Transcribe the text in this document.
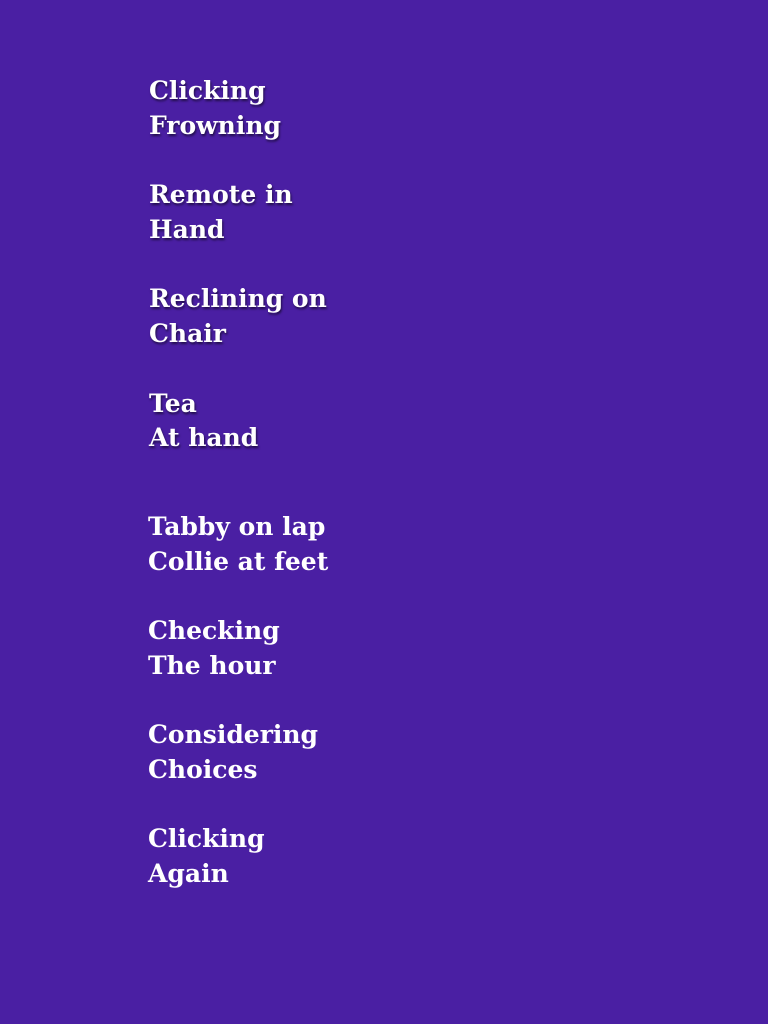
Clicking
Frowning
Remote in
Hand
Reclining on
Chair
Tea
At hand
Tabby on lap
Collie at feet
Checking
The hour
Considering
Choices
Clicking
Again
